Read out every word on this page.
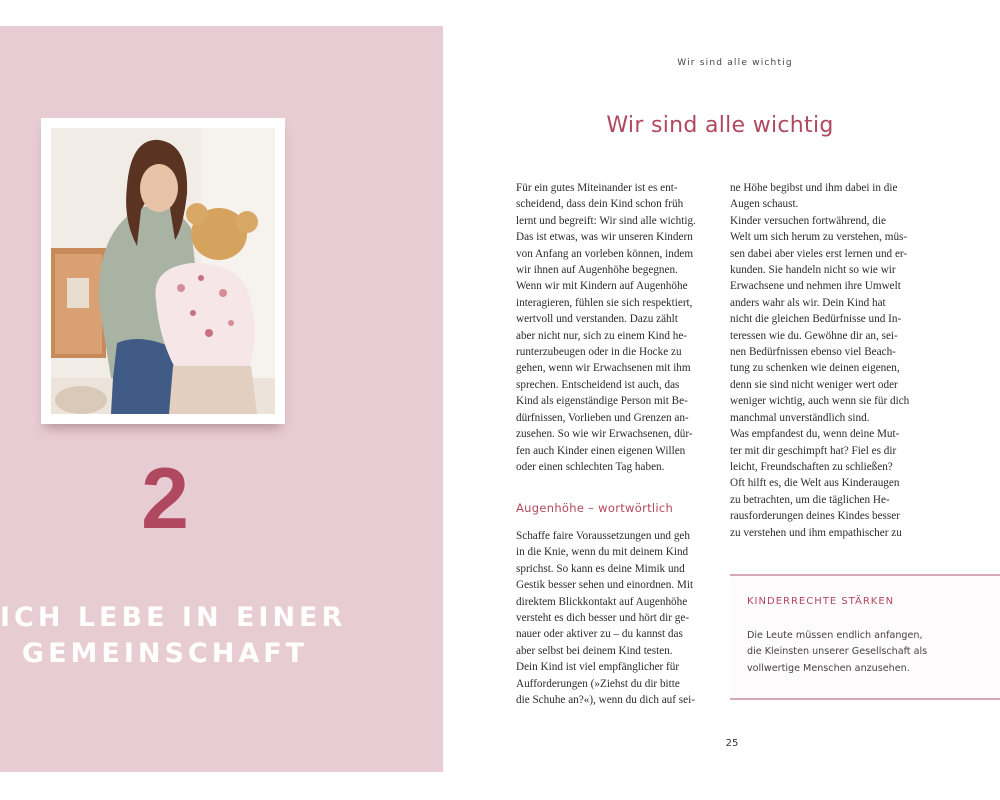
2
ICH LEBE IN EINER
GEMEINSCHAFT
Wir sind alle wichtig
Wir sind alle wichtig
Für ein gutes Miteinander ist es ent-
scheidend, dass dein Kind schon früh
lernt und begreift: Wir sind alle wichtig.
Das ist etwas, was wir unseren Kindern
von Anfang an vorleben können, indem
wir ihnen auf Augenhöhe begegnen.
Wenn wir mit Kindern auf Augenhöhe
interagieren, fühlen sie sich respektiert,
wertvoll und verstanden. Dazu zählt
aber nicht nur, sich zu einem Kind he-
runterzubeugen oder in die Hocke zu
gehen, wenn wir Erwachsenen mit ihm
sprechen. Entscheidend ist auch, das
Kind als eigenständige Person mit Be-
dürfnissen, Vorlieben und Grenzen an-
zusehen. So wie wir Erwachsenen, dür-
fen auch Kinder einen eigenen Willen
oder einen schlechten Tag haben.
Augenhöhe – wortwörtlich
Schaffe faire Voraussetzungen und geh
in die Knie, wenn du mit deinem Kind
sprichst. So kann es deine Mimik und
Gestik besser sehen und einordnen. Mit
direktem Blickkontakt auf Augenhöhe
versteht es dich besser und hört dir ge-
nauer oder aktiver zu – du kannst das
aber selbst bei deinem Kind testen.
Dein Kind ist viel empfänglicher für
Aufforderungen (»Ziehst du dir bitte
die Schuhe an?«), wenn du dich auf sei-
ne Höhe begibst und ihm dabei in die
Augen schaust.
Kinder versuchen fortwährend, die
Welt um sich herum zu verstehen, müs-
sen dabei aber vieles erst lernen und er-
kunden. Sie handeln nicht so wie wir
Erwachsene und nehmen ihre Umwelt
anders wahr als wir. Dein Kind hat
nicht die gleichen Bedürfnisse und In-
teressen wie du. Gewöhne dir an, sei-
nen Bedürfnissen ebenso viel Beach-
tung zu schenken wie deinen eigenen,
denn sie sind nicht weniger wert oder
weniger wichtig, auch wenn sie für dich
manchmal unverständlich sind.
Was empfandest du, wenn deine Mut-
ter mit dir geschimpft hat? Fiel es dir
leicht, Freundschaften zu schließen?
Oft hilft es, die Welt aus Kinderaugen
zu betrachten, um die täglichen He-
rausforderungen deines Kindes besser
zu verstehen und ihm empathischer zu
KINDERRECHTE STÄRKEN
Die Leute müssen endlich anfangen,
die Kleinsten unserer Gesellschaft als
vollwertige Menschen anzusehen.
25
